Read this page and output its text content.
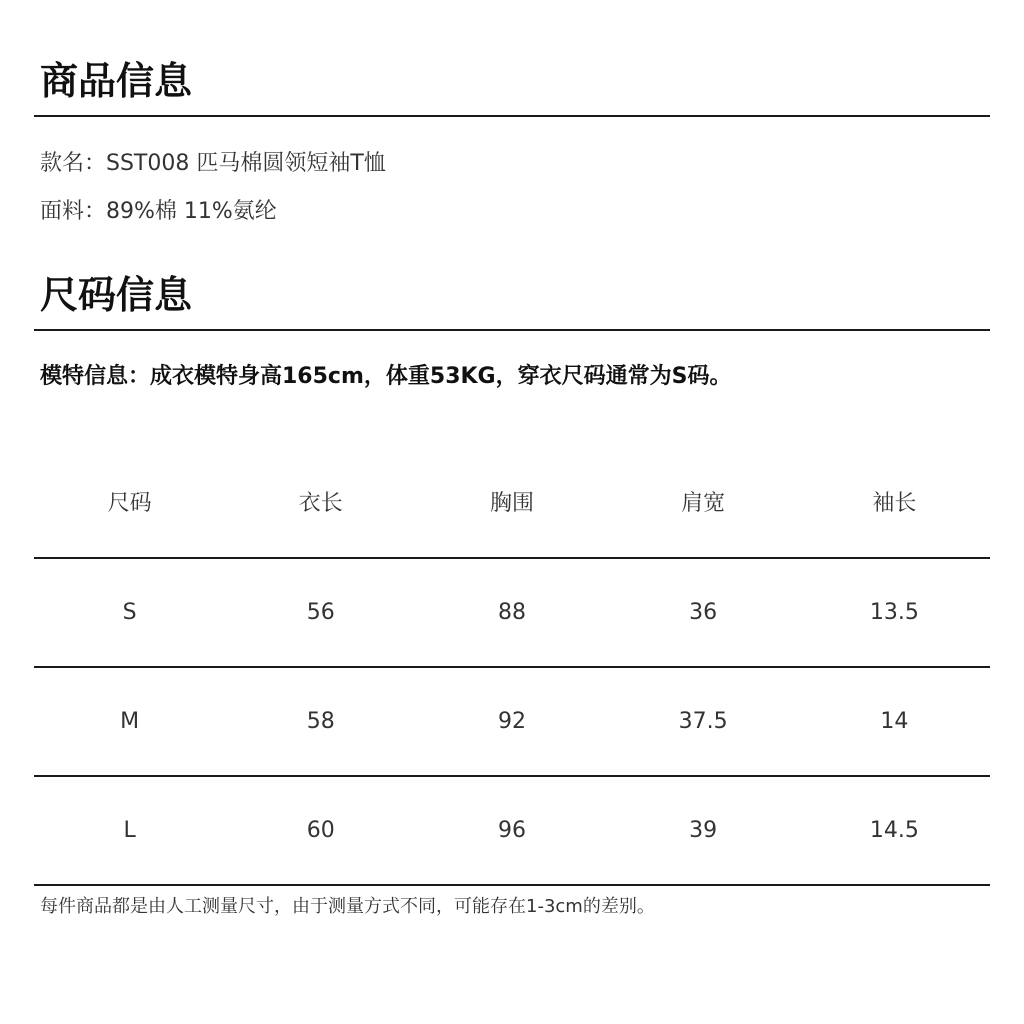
商品信息
款名：SST008 匹马棉圆领短袖T恤
面料：89%棉 11%氨纶
尺码信息
模特信息：成衣模特身高165cm，体重53KG，穿衣尺码通常为S码。
尺码	衣长	胸围	肩宽	袖长
S	56	88	36	13.5
M	58	92	37.5	14
L	60	96	39	14.5
每件商品都是由人工测量尺寸，由于测量方式不同，可能存在1-3cm的差别。
